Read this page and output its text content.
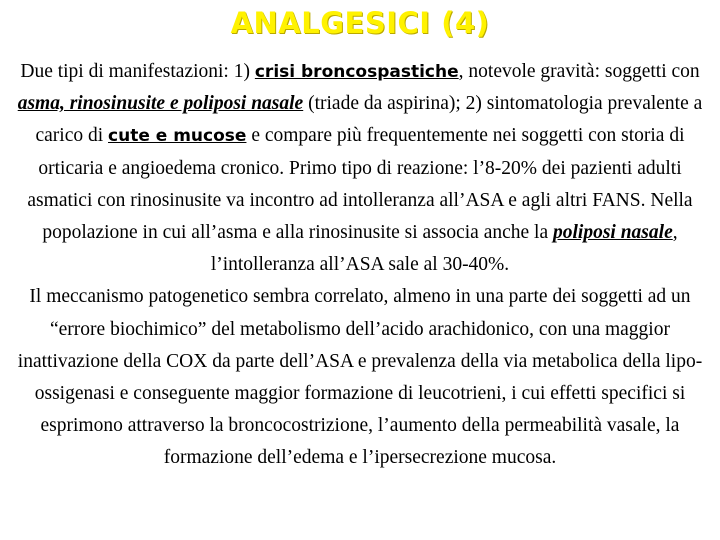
ANALGESICI (4)

Due tipi di manifestazioni: 1) crisi broncospastiche, notevole gravità: soggetti con asma, rinosinusite e poliposi nasale (triade da aspirina); 2) sintomatologia prevalente a carico di cute e mucose e compare più frequentemente nei soggetti con storia di orticaria e angioedema cronico. Primo tipo di reazione: l’8-20% dei pazienti adulti asmatici con rinosinusite va incontro ad intolleranza all’ASA e agli altri FANS. Nella popolazione in cui all’asma e alla rinosinusite si associa anche la poliposi nasale, l’intolleranza all’ASA sale al 30-40%.

Il meccanismo patogenetico sembra correlato, almeno in una parte dei soggetti ad un “errore biochimico” del metabolismo dell’acido arachidonico, con una maggior inattivazione della COX da parte dell’ASA e prevalenza della via metabolica della lipo-ossigenasi e conseguente maggior formazione di leucotrieni, i cui effetti specifici si esprimono attraverso la broncocostrizione, l’aumento della permeabilità vasale, la formazione dell’edema e l’ipersecrezione mucosa.
